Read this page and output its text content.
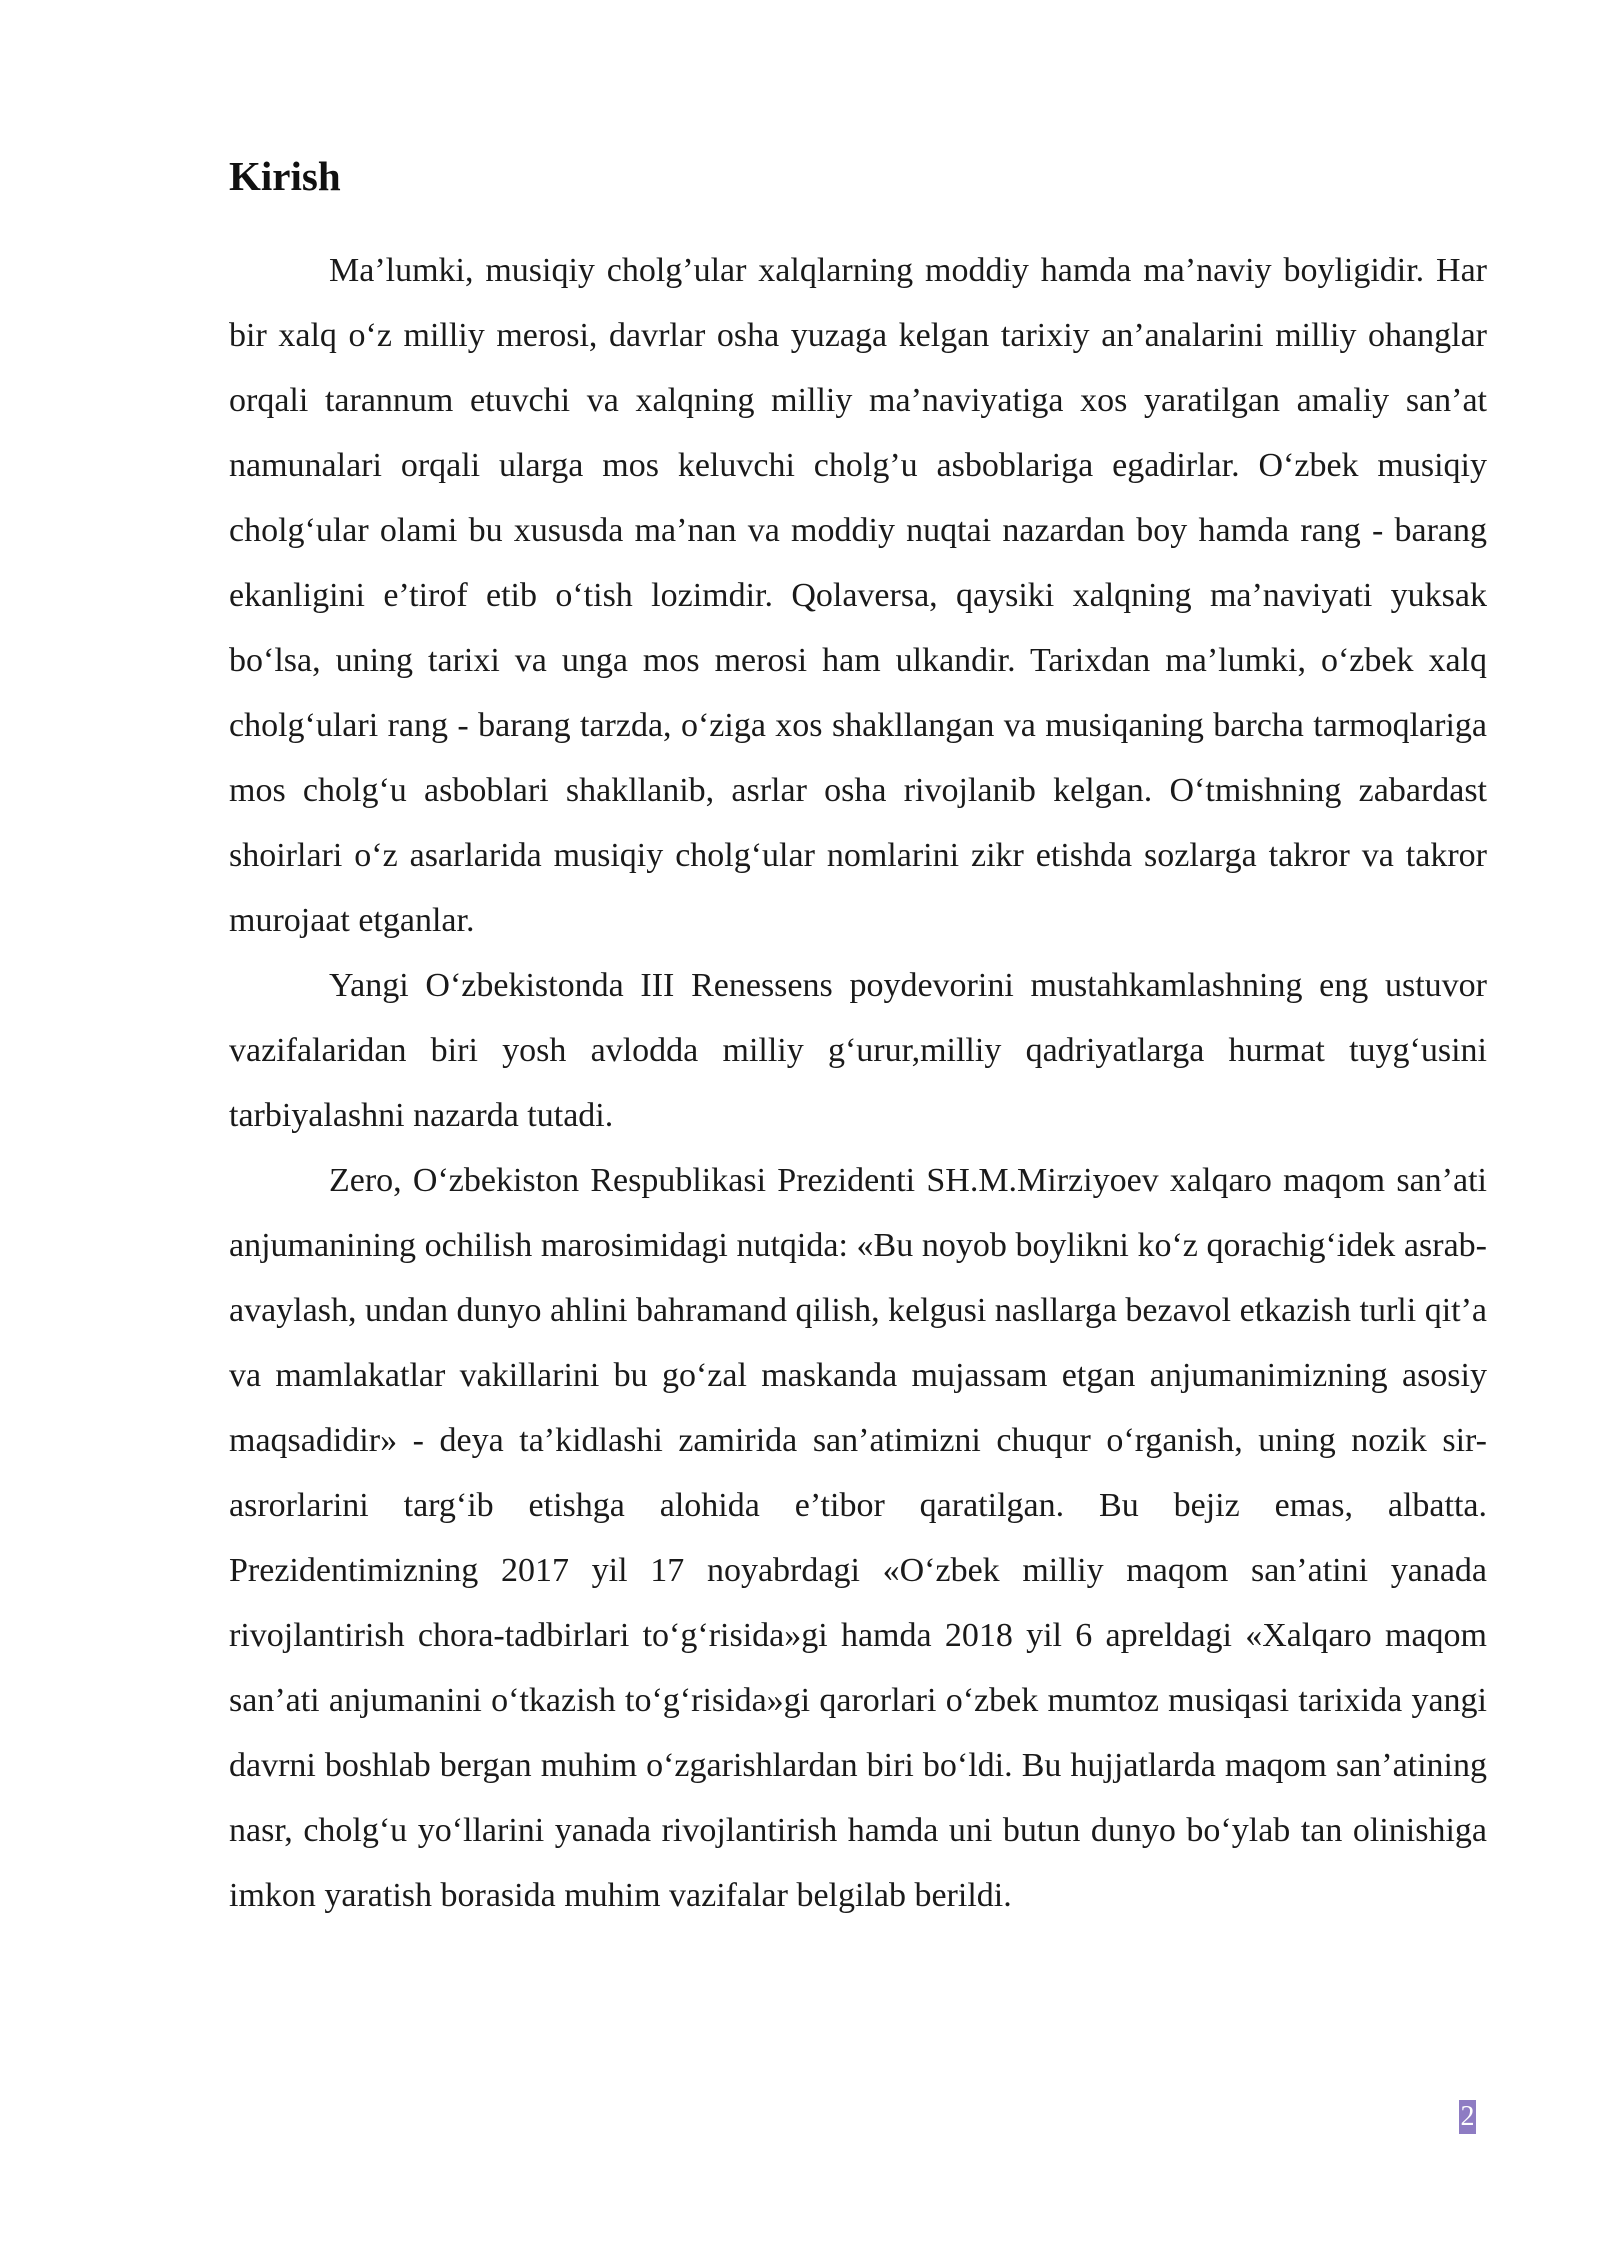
Kirish

Ma’lumki, musiqiy cholg’ular xalqlarning moddiy hamda ma’naviy boyligidir. Har bir xalq o‘z milliy merosi, davrlar osha yuzaga kelgan tarixiy an’analarini milliy ohanglar orqali tarannum etuvchi va xalqning milliy ma’naviyatiga xos yaratilgan amaliy san’at namunalari orqali ularga mos keluvchi cholg’u asboblariga egadirlar. O‘zbek musiqiy cholg‘ular olami bu xususda ma’nan va moddiy nuqtai nazardan boy hamda rang - barang ekanligini e’tirof etib o‘tish lozimdir. Qolaversa, qaysiki xalqning ma’naviyati yuksak bo‘lsa, uning tarixi va unga mos merosi ham ulkandir. Tarixdan ma’lumki, o‘zbek xalq cholg‘ulari rang - barang tarzda, o‘ziga xos shakllangan va musiqaning barcha tarmoqlariga mos cholg‘u asboblari shakllanib, asrlar osha rivojlanib kelgan. O‘tmishning zabardast shoirlari o‘z asarlarida musiqiy cholg‘ular nomlarini zikr etishda sozlarga takror va takror murojaat etganlar.

Yangi O‘zbekistonda III Renessens poydevorini mustahkamlashning eng ustuvor vazifalaridan biri yosh avlodda milliy g‘urur,milliy qadriyatlarga hurmat tuyg‘usini tarbiyalashni nazarda tutadi.

Zero, O‘zbekiston Respublikasi Prezidenti SH.M.Mirziyoev xalqaro maqom san’ati anjumanining ochilish marosimidagi nutqida: «Bu noyob boylikni ko‘z qorachig‘idek asrab- avaylash, undan dunyo ahlini bahramand qilish, kelgusi nasllarga bezavol etkazish turli qit’a va mamlakatlar vakillarini bu go‘zal maskanda mujassam etgan anjumanimizning asosiy maqsadidir» - deya ta’kidlashi zamirida san’atimizni chuqur o‘rganish, uning nozik sir- asrorlarini targ‘ib etishga alohida e’tibor qaratilgan. Bu bejiz emas, albatta. Prezidentimizning 2017 yil 17 noyabrdagi «O‘zbek milliy maqom san’atini yanada rivojlantirish chora-tadbirlari to‘g‘risida»gi hamda 2018 yil 6 apreldagi «Xalqaro maqom san’ati anjumanini o‘tkazish to‘g‘risida»gi qarorlari o‘zbek mumtoz musiqasi tarixida yangi davrni boshlab bergan muhim o‘zgarishlardan biri bo‘ldi. Bu hujjatlarda maqom san’atining nasr, cholg‘u yo‘llarini yanada rivojlantirish hamda uni butun dunyo bo‘ylab tan olinishiga imkon yaratish borasida muhim vazifalar belgilab berildi.

2
